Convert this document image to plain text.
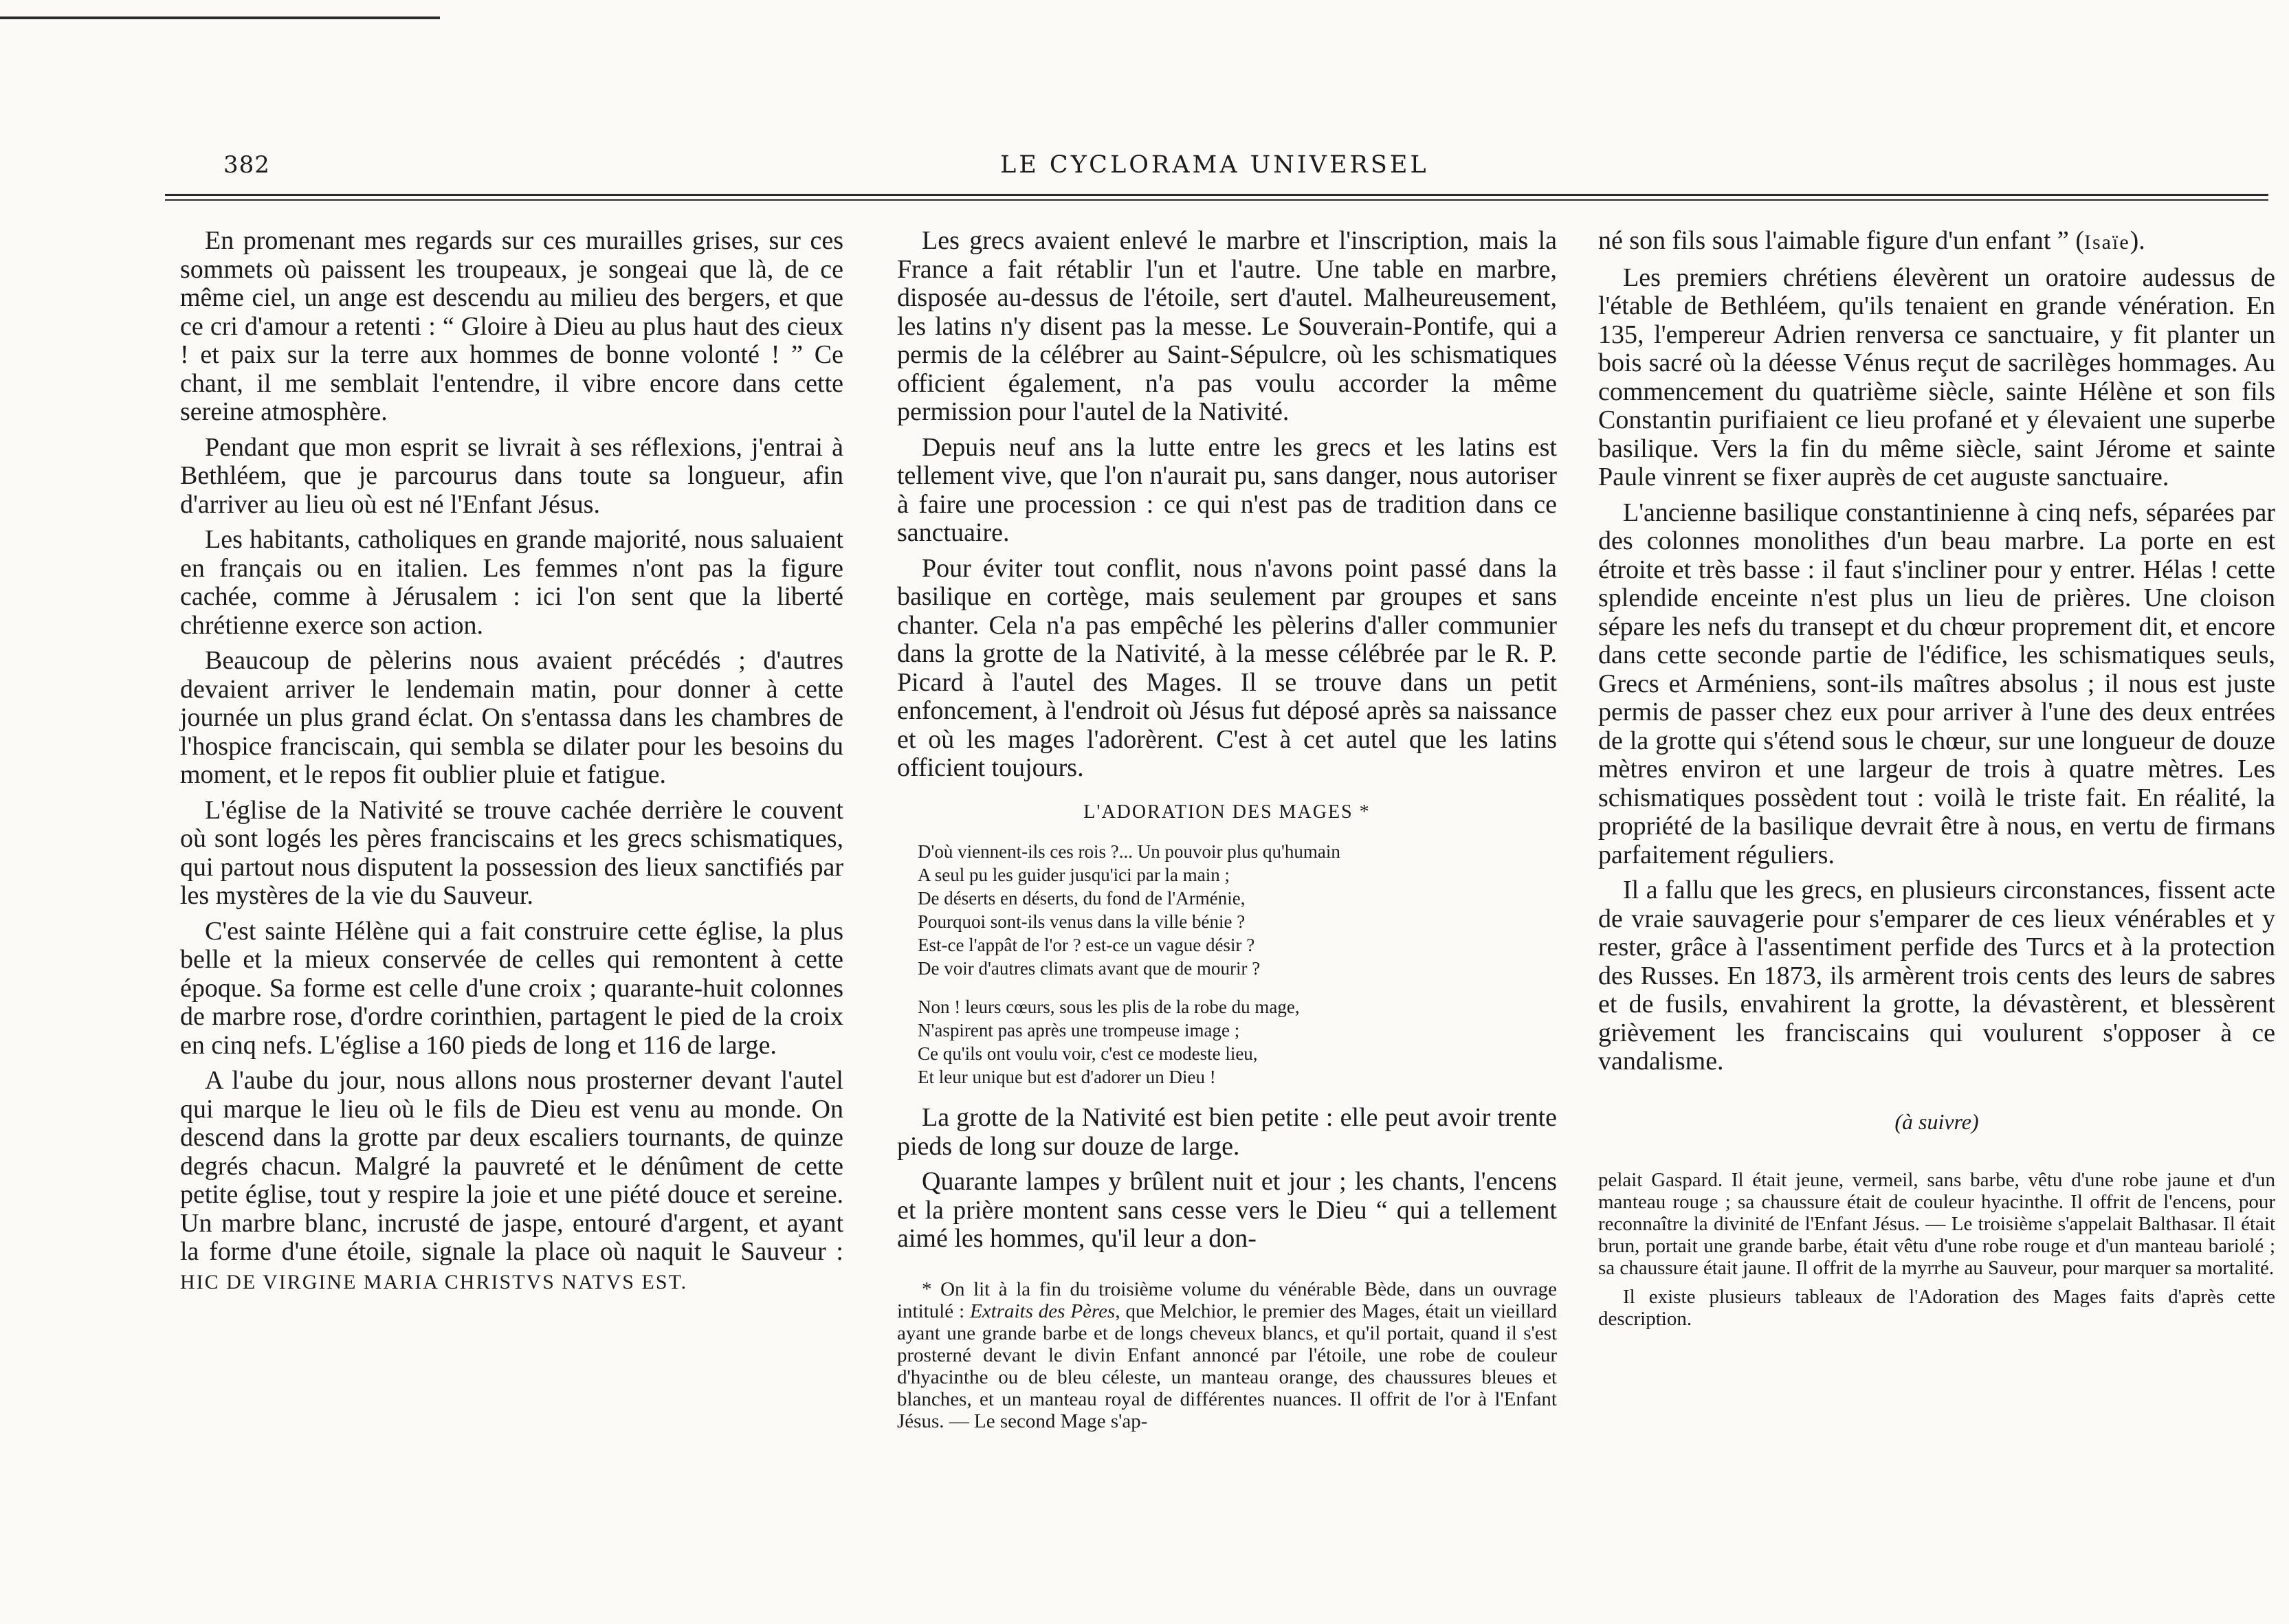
382	LE CYCLORAMA UNIVERSEL

En promenant mes regards sur ces murailles grises, sur ces sommets où paissent les troupeaux, je songeai que là, de ce même ciel, un ange est descendu au milieu des bergers, et que ce cri d'amour a retenti : “ Gloire à Dieu au plus haut des cieux ! et paix sur la terre aux hommes de bonne volonté ! ” Ce chant, il me semblait l'entendre, il vibre encore dans cette sereine atmosphère.

Pendant que mon esprit se livrait à ses réflexions, j'entrai à Bethléem, que je parcourus dans toute sa longueur, afin d'arriver au lieu où est né l'Enfant Jésus.

Les habitants, catholiques en grande majorité, nous saluaient en français ou en italien. Les femmes n'ont pas la figure cachée, comme à Jérusalem : ici l'on sent que la liberté chrétienne exerce son action.

Beaucoup de pèlerins nous avaient précédés ; d'autres devaient arriver le lendemain matin, pour donner à cette journée un plus grand éclat. On s'entassa dans les chambres de l'hospice franciscain, qui sembla se dilater pour les besoins du moment, et le repos fit oublier pluie et fatigue.

L'église de la Nativité se trouve cachée derrière le couvent où sont logés les pères franciscains et les grecs schismatiques, qui partout nous disputent la possession des lieux sanctifiés par les mystères de la vie du Sauveur.

C'est sainte Hélène qui a fait construire cette église, la plus belle et la mieux conservée de celles qui remontent à cette époque. Sa forme est celle d'une croix ; quarante-huit colonnes de marbre rose, d'ordre corinthien, partagent le pied de la croix en cinq nefs. L'église a 160 pieds de long et 116 de large.

A l'aube du jour, nous allons nous prosterner devant l'autel qui marque le lieu où le fils de Dieu est venu au monde. On descend dans la grotte par deux escaliers tournants, de quinze degrés chacun. Malgré la pauvreté et le dénûment de cette petite église, tout y respire la joie et une piété douce et sereine. Un marbre blanc, incrusté de jaspe, entouré d'argent, et ayant la forme d'une étoile, signale la place où naquit le Sauveur : HIC DE VIRGINE MARIA CHRISTVS NATVS EST.

Les grecs avaient enlevé le marbre et l'inscription, mais la France a fait rétablir l'un et l'autre. Une table en marbre, disposée au-dessus de l'étoile, sert d'autel. Malheureusement, les latins n'y disent pas la messe. Le Souverain-Pontife, qui a permis de la célébrer au Saint-Sépulcre, où les schismatiques officient également, n'a pas voulu accorder la même permission pour l'autel de la Nativité.

Depuis neuf ans la lutte entre les grecs et les latins est tellement vive, que l'on n'aurait pu, sans danger, nous autoriser à faire une procession : ce qui n'est pas de tradition dans ce sanctuaire.

Pour éviter tout conflit, nous n'avons point passé dans la basilique en cortège, mais seulement par groupes et sans chanter. Cela n'a pas empêché les pèlerins d'aller communier dans la grotte de la Nativité, à la messe célébrée par le R. P. Picard à l'autel des Mages. Il se trouve dans un petit enfoncement, à l'endroit où Jésus fut déposé après sa naissance et où les mages l'adorèrent. C'est à cet autel que les latins officient toujours.

L'ADORATION DES MAGES *
D'où viennent-ils ces rois ?... Un pouvoir plus qu'humain
A seul pu les guider jusqu'ici par la main ;
De déserts en déserts, du fond de l'Arménie,
Pourquoi sont-ils venus dans la ville bénie ?
Est-ce l'appât de l'or ? est-ce un vague désir ?
De voir d'autres climats avant que de mourir ?
Non ! leurs cœurs, sous les plis de la robe du mage,
N'aspirent pas après une trompeuse image ;
Ce qu'ils ont voulu voir, c'est ce modeste lieu,
Et leur unique but est d'adorer un Dieu !

La grotte de la Nativité est bien petite : elle peut avoir trente pieds de long sur douze de large.

Quarante lampes y brûlent nuit et jour ; les chants, l'encens et la prière montent sans cesse vers le Dieu “ qui a tellement aimé les hommes, qu'il leur a don-

* On lit à la fin du troisième volume du vénérable Bède, dans un ouvrage intitulé : Extraits des Pères, que Melchior, le premier des Mages, était un vieillard ayant une grande barbe et de longs cheveux blancs, et qu'il portait, quand il s'est prosterné devant le divin Enfant annoncé par l'étoile, une robe de couleur d'hyacinthe ou de bleu céleste, un manteau orange, des chaussures bleues et blanches, et un manteau royal de différentes nuances. Il offrit de l'or à l'Enfant Jésus. — Le second Mage s'ap-

né son fils sous l'aimable figure d'un enfant ” (Isaïe).

Les premiers chrétiens élevèrent un oratoire audessus de l'étable de Bethléem, qu'ils tenaient en grande vénération. En 135, l'empereur Adrien renversa ce sanctuaire, y fit planter un bois sacré où la déesse Vénus reçut de sacrilèges hommages. Au commencement du quatrième siècle, sainte Hélène et son fils Constantin purifiaient ce lieu profané et y élevaient une superbe basilique. Vers la fin du même siècle, saint Jérome et sainte Paule vinrent se fixer auprès de cet auguste sanctuaire.

L'ancienne basilique constantinienne à cinq nefs, séparées par des colonnes monolithes d'un beau marbre. La porte en est étroite et très basse : il faut s'incliner pour y entrer. Hélas ! cette splendide enceinte n'est plus un lieu de prières. Une cloison sépare les nefs du transept et du chœur proprement dit, et encore dans cette seconde partie de l'édifice, les schismatiques seuls, Grecs et Arméniens, sont-ils maîtres absolus ; il nous est juste permis de passer chez eux pour arriver à l'une des deux entrées de la grotte qui s'étend sous le chœur, sur une longueur de douze mètres environ et une largeur de trois à quatre mètres. Les schismatiques possèdent tout : voilà le triste fait. En réalité, la propriété de la basilique devrait être à nous, en vertu de firmans parfaitement réguliers.

Il a fallu que les grecs, en plusieurs circonstances, fissent acte de vraie sauvagerie pour s'emparer de ces lieux vénérables et y rester, grâce à l'assentiment perfide des Turcs et à la protection des Russes. En 1873, ils armèrent trois cents des leurs de sabres et de fusils, envahirent la grotte, la dévastèrent, et blessèrent grièvement les franciscains qui voulurent s'opposer à ce vandalisme.

(à suivre)

pelait Gaspard. Il était jeune, vermeil, sans barbe, vêtu d'une robe jaune et d'un manteau rouge ; sa chaussure était de couleur hyacinthe. Il offrit de l'encens, pour reconnaître la divinité de l'Enfant Jésus. — Le troisième s'appelait Balthasar. Il était brun, portait une grande barbe, était vêtu d'une robe rouge et d'un manteau bariolé ; sa chaussure était jaune. Il offrit de la myrrhe au Sauveur, pour marquer sa mortalité.

Il existe plusieurs tableaux de l'Adoration des Mages faits d'après cette description.
